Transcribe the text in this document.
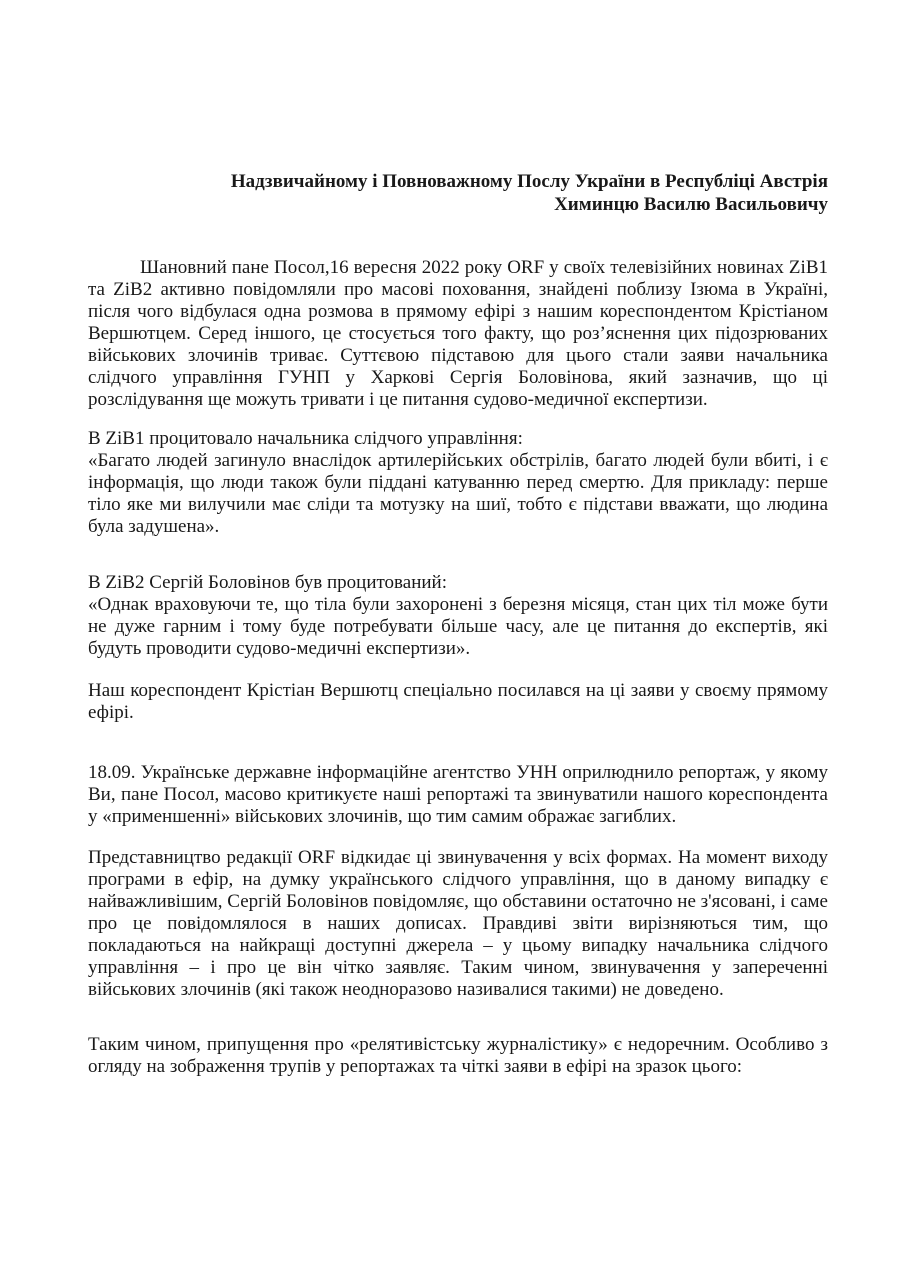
Надзвичайному і Повноважному Послу України в Республіці Австрія
Химинцю Василю Васильовичу

Шановний пане Посол,16 вересня 2022 року ORF у своїх телевізійних новинах ZiB1 та ZiB2 активно повідомляли про масові поховання, знайдені поблизу Ізюма в Україні, після чого відбулася одна розмова в прямому ефірі з нашим кореспондентом Крістіаном Вершютцем. Серед іншого, це стосується того факту, що роз’яснення цих підозрюваних військових злочинів триває. Суттєвою підставою для цього стали заяви начальника слідчого управління ГУНП у Харкові Сергія Боловінова, який зазначив, що ці розслідування ще можуть тривати і це питання судово-медичної експертизи.

В ZiB1 процитовало начальника слідчого управління:

«Багато людей загинуло внаслідок артилерійських обстрілів, багато людей були вбиті, і є інформація, що люди також були піддані катуванню перед смертю. Для прикладу: перше тіло яке ми вилучили має сліди та мотузку на шиї, тобто є підстави вважати, що людина була задушена».

В ZiB2 Сергій Боловінов був процитований:

«Однак враховуючи те, що тіла були захоронені з березня місяця, стан цих тіл може бути не дуже гарним і тому буде потребувати більше часу, але це питання до експертів, які будуть проводити судово-медичні експертизи».

Наш кореспондент Крістіан Вершютц спеціально посилався на ці заяви у своєму прямому ефірі.

18.09. Українське державне інформаційне агентство УНН оприлюднило репортаж, у якому Ви, пане Посол, масово критикуєте наші репортажі та звинуватили нашого кореспондента у «применшенні» військових злочинів, що тим самим ображає загиблих.

Представництво редакції ORF відкидає ці звинувачення у всіх формах. На момент виходу програми в ефір, на думку українського слідчого управління, що в даному випадку є найважливішим, Сергій Боловінов повідомляє, що обставини остаточно не з'ясовані, і саме про це повідомлялося в наших дописах. Правдиві звіти вирізняються тим, що покладаються на найкращі доступні джерела – у цьому випадку начальника слідчого управління – і про це він чітко заявляє. Таким чином, звинувачення у запереченні військових злочинів (які також неодноразово називалися такими) не доведено.

Таким чином, припущення про «релятивістську журналістику» є недоречним. Особливо з огляду на зображення трупів у репортажах та чіткі заяви в ефірі на зразок цього:
